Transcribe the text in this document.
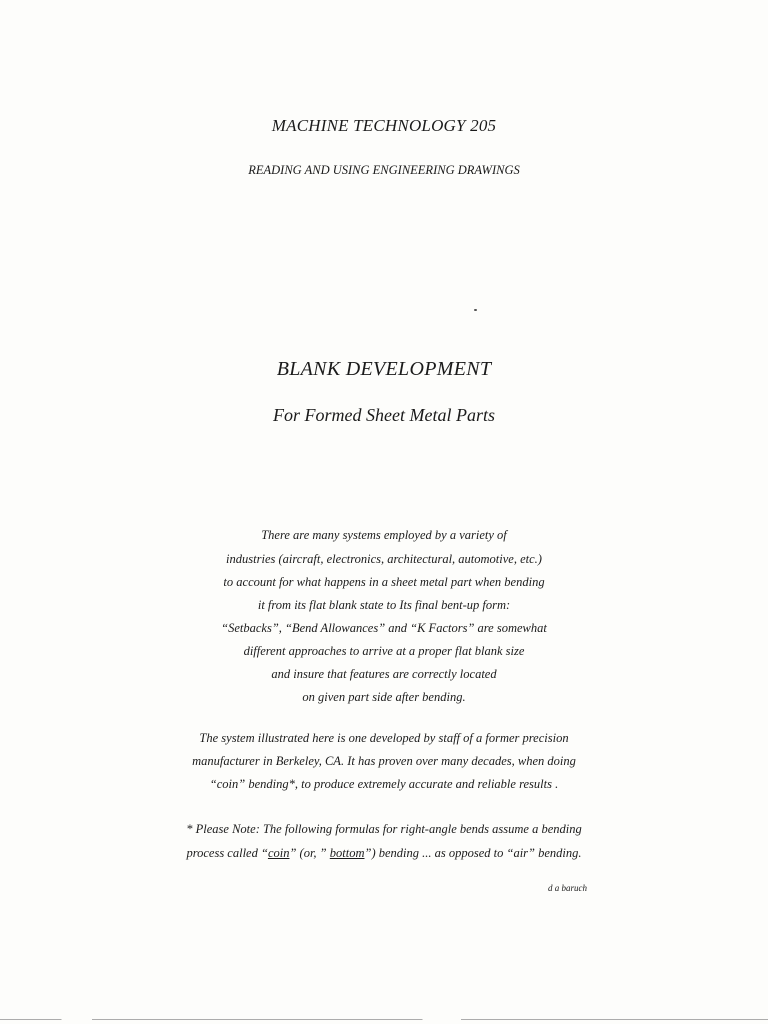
MACHINE TECHNOLOGY 205
READING AND USING ENGINEERING DRAWINGS
BLANK DEVELOPMENT
For Formed Sheet Metal Parts
There are many systems employed by a variety of
industries (aircraft, electronics, architectural, automotive, etc.)
to account for what happens in a sheet metal part when bending
it from its flat blank state to Its final bent-up form:
“Setbacks”, “Bend Allowances” and “K Factors” are somewhat
different approaches to arrive at a proper flat blank size
and insure that features are correctly located
on given part side after bending.
The system illustrated here is one developed by staff of a former precision
manufacturer in Berkeley, CA. It has proven over many decades, when doing
“coin” bending*, to produce extremely accurate and reliable results .
* Please Note: The following formulas for right-angle bends assume a bending
process called “coin” (or, ” bottom”) bending ... as opposed to “air” bending.
d a baruch
